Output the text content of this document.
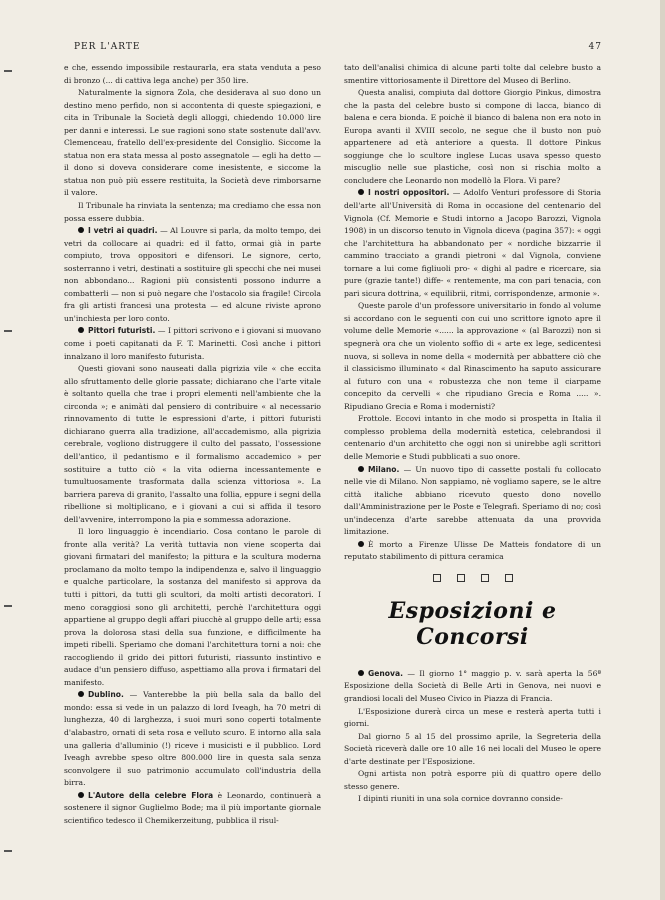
PER L'ARTE	47

e che, essendo impossibile restaurarla, era stata venduta a peso di bronzo (... di cattiva lega anche) per 350 lire.

Naturalmente la signora Zola, che desiderava al suo dono un destino meno perfido, non si accontenta di queste spiegazioni, e cita in Tribunale la Società degli alloggi, chiedendo 10.000 lire per danni e interessi. Le sue ragioni sono state sostenute dall'avv. Clemenceau, fratello dell'ex-presidente del Consiglio. Siccome la statua non era stata messa al posto assegnatole — egli ha detto — il dono si doveva considerare come inesistente, e siccome la statua non può più essere restituita, la Società deve rimborsarne il valore.

Il Tribunale ha rinviata la sentenza; ma crediamo che essa non possa essere dubbia.

I vetri ai quadri. — Al Louvre si parla, da molto tempo, dei vetri da collocare ai quadri: ed il fatto, ormai già in parte compiuto, trova oppositori e difensori. Le signore, certo, sosterranno i vetri, destinati a sostituire gli specchi che nei musei non abbondano... Ragioni più consistenti possono indurre a combatterli — non si può negare che l'ostacolo sia fragile! Circola fra gli artisti francesi una protesta — ed alcune riviste aprono un'inchiesta per loro conto.

Pittori futuristi. — I pittori scrivono e i giovani si muovano come i poeti capitanati da F. T. Marinetti. Così anche i pittori innalzano il loro manifesto futurista.

Questi giovani sono nauseati dalla pigrizia vile « che eccita allo sfruttamento delle glorie passate; dichiarano che l'arte vitale è soltanto quella che trae i propri elementi nell'ambiente che la circonda »; e animàti dal pensiero di contribuire « al necessario rinnovamento di tutte le espressioni d'arte, i pittori futuristi dichiarano guerra alla tradizione, all'accademismo, alla pigrizia cerebrale, vogliono distruggere il culto del passato, l'ossessione dell'antico, il pedantismo e il formalismo accademico » per sostituire a tutto ciò « la vita odierna incessantemente e tumultuosamente trasformata dalla scienza vittoriosa ». La barriera pareva di granito, l'assalto una follia, eppure i segni della ribellione si moltiplicano, e i giovani a cui si affida il tesoro dell'avvenire, interrompono la pia e sommessa adorazione.

Il loro linguaggio è incendiario. Cosa contano le parole di fronte alla verità? La verità tuttavia non viene scoperta dai giovani firmatari del manifesto; la pittura e la scultura moderna proclamano da molto tempo la indipendenza e, salvo il linguaggio e qualche particolare, la sostanza del manifesto si approva da tutti i pittori, da tutti gli scultori, da molti artisti decoratori. I meno coraggiosi sono gli architetti, perchè l'architettura oggi appartiene al gruppo degli affari piucchè al gruppo delle arti; essa prova la dolorosa stasi della sua funzione, e difficilmente ha impeti ribelli. Speriamo che domani l'architettura torni a noi: che raccogliendo il grido dei pittori futuristi, riassunto instintivo e audace d'un pensiero diffuso, aspettiamo alla prova i firmatari del manifesto.

Dublino. — Vanterebbe la più bella sala da ballo del mondo: essa si vede in un palazzo di lord Iveagh, ha 70 metri di lunghezza, 40 di larghezza, i suoi muri sono coperti totalmente d'alabastro, ornati di seta rosa e velluto scuro. E intorno alla sala una galleria d'alluminio (!) riceve i musicisti e il pubblico. Lord Iveagh avrebbe speso oltre 800.000 lire in questa sala senza sconvolgere il suo patrimonio accumulato coll'industria della birra.

L'Autore della celebre Flora è Leonardo, continuerà a sostenere il signor Guglielmo Bode; ma il più importante giornale scientifico tedesco il Chemikerzeitung, pubblica il risul-

tato dell'analisi chimica di alcune parti tolte dal celebre busto a smentire vittoriosamente il Direttore del Museo di Berlino.

Questa analisi, compiuta dal dottore Giorgio Pinkus, dimostra che la pasta del celebre busto si compone di lacca, bianco di balena e cera bionda. E poichè il bianco di balena non era noto in Europa avanti il XVIII secolo, ne segue che il busto non può appartenere ad età anteriore a questa. Il dottore Pinkus soggiunge che lo scultore inglese Lucas usava spesso questo miscuglio nelle sue plastiche, così non si rischia molto a concludere che Leonardo non modellò la Flora. Vi pare?

I nostri oppositori. — Adolfo Venturi professore di Storia dell'arte all'Università di Roma in occasione del centenario del Vignola (Cf. Memorie e Studi intorno a Jacopo Barozzi, Vignola 1908) in un discorso tenuto in Vignola diceva (pagina 357): « oggi che l'architettura ha abbandonato per « nordiche bizzarrie il cammino tracciato a grandi pietroni « dal Vignola, conviene tornare a lui come figliuoli pro- « dighi al padre e ricercare, sia pure (grazie tante!) diffe- « rentemente, ma con pari tenacia, con pari sicura dottrina, « equilibrii, ritmi, corrispondenze, armonie ».

Queste parole d'un professore universitario in fondo al volume si accordano con le seguenti con cui uno scrittore ignoto apre il volume delle Memorie «...... la approvazione « (al Barozzi) non si spegnerà ora che un violento soffio di « arte ex lege, sedicentesi nuova, si solleva in nome della « modernità per abbattere ciò che il classicismo illuminato « dal Rinascimento ha saputo assicurare al futuro con una « robustezza che non teme il ciarpame concepito da cervelli « che ripudiano Grecia e Roma ..... ». Ripudiano Grecia e Roma i modernisti?

Frottole. Eccovi intanto in che modo si prospetta in Italia il complesso problema della modernità estetica, celebrandosi il centenario d'un architetto che oggi non si unirebbe agli scrittori delle Memorie e Studi pubblicati a suo onore.

Milano. — Un nuovo tipo di cassette postali fu collocato nelle vie di Milano. Non sappiamo, nè vogliamo sapere, se le altre città italiche abbiano ricevuto questo dono novello dall'Amministrazione per le Poste e Telegrafi. Speriamo di no; così un'indecenza d'arte sarebbe attenuata da una provvida limitazione.

È morto a Firenze Ulisse De Matteis fondatore di un reputato stabilimento di pittura ceramica

Esposizioni e Concorsi

Genova. — Il giorno 1° maggio p. v. sarà aperta la 56ª Esposizione della Società di Belle Arti in Genova, nei nuovi e grandiosi locali del Museo Civico in Piazza di Francia.

L'Esposizione durerà circa un mese e resterà aperta tutti i giorni.

Dal giorno 5 al 15 del prossimo aprile, la Segreteria della Società riceverà dalle ore 10 alle 16 nei locali del Museo le opere d'arte destinate per l'Esposizione.

Ogni artista non potrà esporre più di quattro opere dello stesso genere.

I dipinti riuniti in una sola cornice dovranno conside-
